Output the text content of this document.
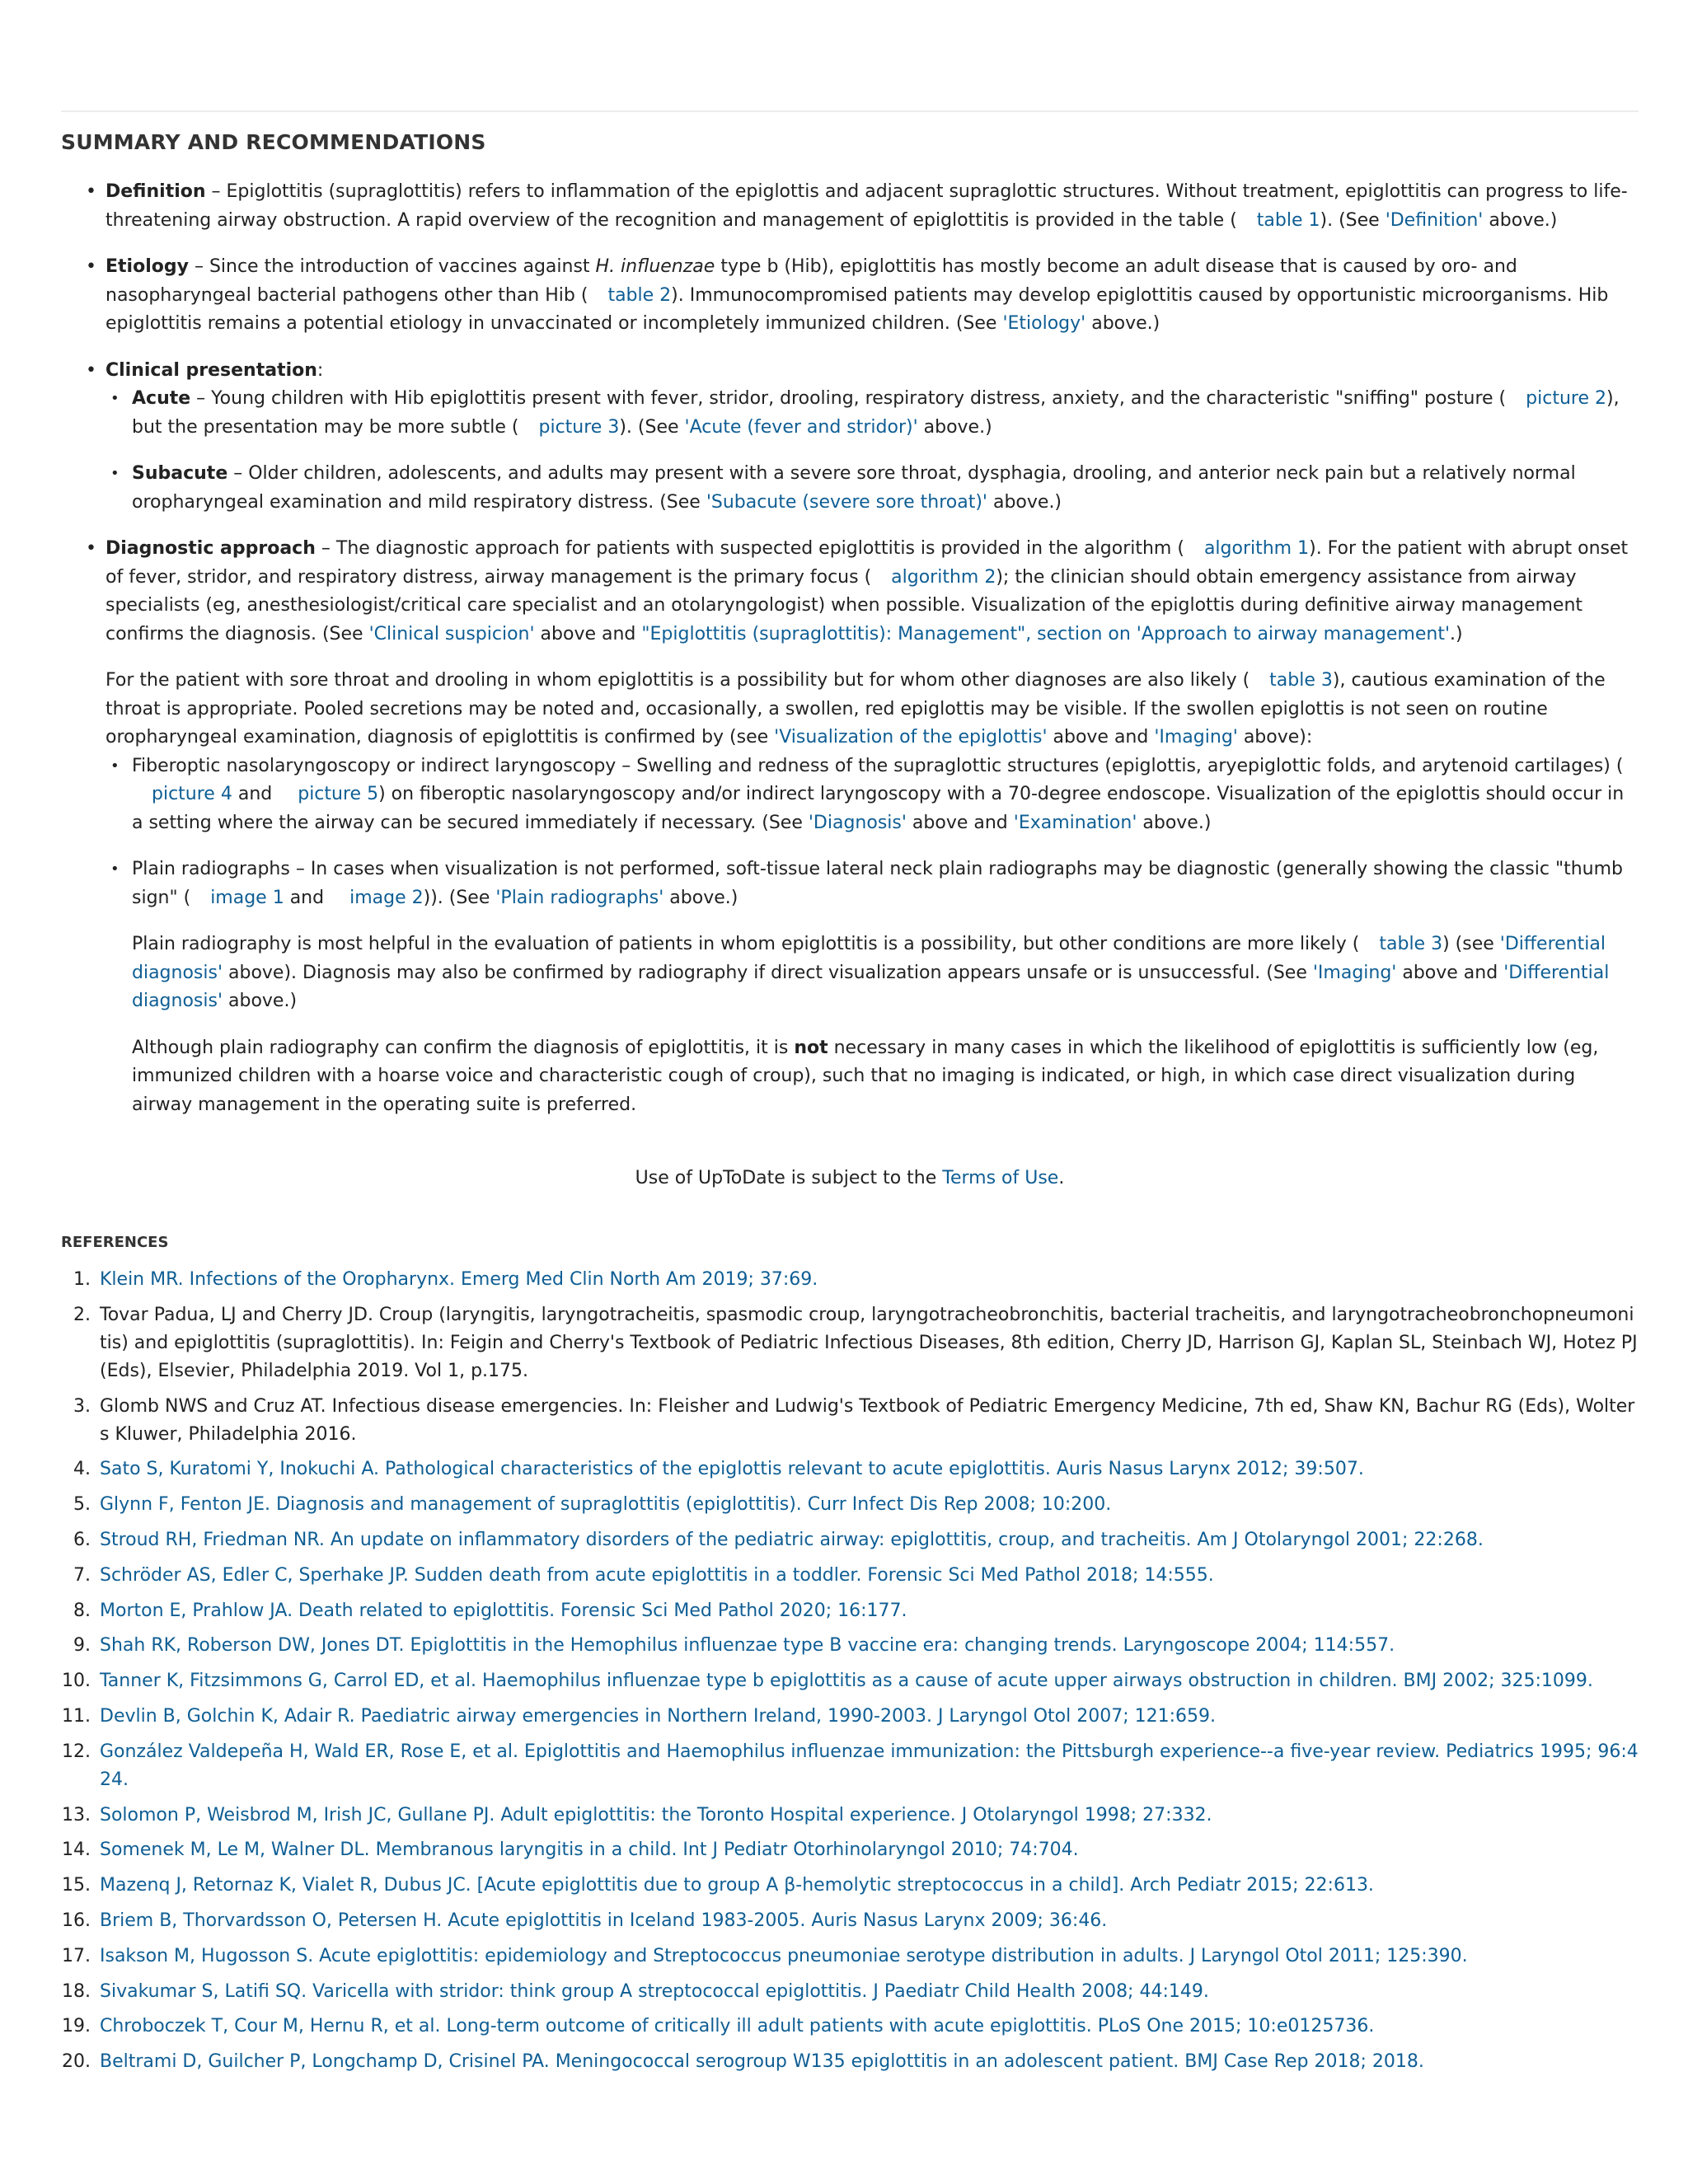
SUMMARY AND RECOMMENDATIONS
• Definition – Epiglottitis (supraglottitis) refers to inflammation of the epiglottis and adjacent supraglottic structures. Without treatment, epiglottitis can progress to life-threatening airway obstruction. A rapid overview of the recognition and management of epiglottitis is provided in the table ( table 1). (See 'Definition' above.)
• Etiology – Since the introduction of vaccines against H. influenzae type b (Hib), epiglottitis has mostly become an adult disease that is caused by oro- and nasopharyngeal bacterial pathogens other than Hib ( table 2). Immunocompromised patients may develop epiglottitis caused by opportunistic microorganisms. Hib epiglottitis remains a potential etiology in unvaccinated or incompletely immunized children. (See 'Etiology' above.)
• Clinical presentation:
• Acute – Young children with Hib epiglottitis present with fever, stridor, drooling, respiratory distress, anxiety, and the characteristic "sniffing" posture ( picture 2), but the presentation may be more subtle ( picture 3). (See 'Acute (fever and stridor)' above.)
• Subacute – Older children, adolescents, and adults may present with a severe sore throat, dysphagia, drooling, and anterior neck pain but a relatively normal oropharyngeal examination and mild respiratory distress. (See 'Subacute (severe sore throat)' above.)
• Diagnostic approach – The diagnostic approach for patients with suspected epiglottitis is provided in the algorithm ( algorithm 1). For the patient with abrupt onset of fever, stridor, and respiratory distress, airway management is the primary focus ( algorithm 2); the clinician should obtain emergency assistance from airway specialists (eg, anesthesiologist/critical care specialist and an otolaryngologist) when possible. Visualization of the epiglottis during definitive airway management confirms the diagnosis. (See 'Clinical suspicion' above and "Epiglottitis (supraglottitis): Management", section on 'Approach to airway management'.)

For the patient with sore throat and drooling in whom epiglottitis is a possibility but for whom other diagnoses are also likely ( table 3), cautious examination of the throat is appropriate. Pooled secretions may be noted and, occasionally, a swollen, red epiglottis may be visible. If the swollen epiglottis is not seen on routine oropharyngeal examination, diagnosis of epiglottitis is confirmed by (see 'Visualization of the epiglottis' above and 'Imaging' above):

• Fiberoptic nasolaryngoscopy or indirect laryngoscopy – Swelling and redness of the supraglottic structures (epiglottis, aryepiglottic folds, and arytenoid cartilages) (picture 4 and picture 5) on fiberoptic nasolaryngoscopy and/or indirect laryngoscopy with a 70-degree endoscope. Visualization of the epiglottis should occur in a setting where the airway can be secured immediately if necessary. (See 'Diagnosis' above and 'Examination' above.)
• Plain radiographs – In cases when visualization is not performed, soft-tissue lateral neck plain radiographs may be diagnostic (generally showing the classic "thumb sign" ( image 1 and image 2)). (See 'Plain radiographs' above.)

Plain radiography is most helpful in the evaluation of patients in whom epiglottitis is a possibility, but other conditions are more likely ( table 3) (see 'Differential diagnosis' above). Diagnosis may also be confirmed by radiography if direct visualization appears unsafe or is unsuccessful. (See 'Imaging' above and 'Differential diagnosis' above.)

Although plain radiography can confirm the diagnosis of epiglottitis, it is not necessary in many cases in which the likelihood of epiglottitis is sufficiently low (eg, immunized children with a hoarse voice and characteristic cough of croup), such that no imaging is indicated, or high, in which case direct visualization during airway management in the operating suite is preferred.

Use of UpToDate is subject to the Terms of Use.
REFERENCES
1. Klein MR. Infections of the Oropharynx. Emerg Med Clin North Am 2019; 37:69.
2. Tovar Padua, LJ and Cherry JD. Croup (laryngitis, laryngotracheitis, spasmodic croup, laryngotracheobronchitis, bacterial tracheitis, and laryngotracheobronchopneumonitis) and epiglottitis (supraglottitis). In: Feigin and Cherry's Textbook of Pediatric Infectious Diseases, 8th edition, Cherry JD, Harrison GJ, Kaplan SL, Steinbach WJ, Hotez PJ (Eds), Elsevier, Philadelphia 2019. Vol 1, p.175.
3. Glomb NWS and Cruz AT. Infectious disease emergencies. In: Fleisher and Ludwig's Textbook of Pediatric Emergency Medicine, 7th ed, Shaw KN, Bachur RG (Eds), Wolters Kluwer, Philadelphia 2016.
4. Sato S, Kuratomi Y, Inokuchi A. Pathological characteristics of the epiglottis relevant to acute epiglottitis. Auris Nasus Larynx 2012; 39:507.
5. Glynn F, Fenton JE. Diagnosis and management of supraglottitis (epiglottitis). Curr Infect Dis Rep 2008; 10:200.
6. Stroud RH, Friedman NR. An update on inflammatory disorders of the pediatric airway: epiglottitis, croup, and tracheitis. Am J Otolaryngol 2001; 22:268.
7. Schröder AS, Edler C, Sperhake JP. Sudden death from acute epiglottitis in a toddler. Forensic Sci Med Pathol 2018; 14:555.
8. Morton E, Prahlow JA. Death related to epiglottitis. Forensic Sci Med Pathol 2020; 16:177.
9. Shah RK, Roberson DW, Jones DT. Epiglottitis in the Hemophilus influenzae type B vaccine era: changing trends. Laryngoscope 2004; 114:557.
10. Tanner K, Fitzsimmons G, Carrol ED, et al. Haemophilus influenzae type b epiglottitis as a cause of acute upper airways obstruction in children. BMJ 2002; 325:1099.
11. Devlin B, Golchin K, Adair R. Paediatric airway emergencies in Northern Ireland, 1990-2003. J Laryngol Otol 2007; 121:659.
12. González Valdepeña H, Wald ER, Rose E, et al. Epiglottitis and Haemophilus influenzae immunization: the Pittsburgh experience--a five-year review. Pediatrics 1995; 96:424.
13. Solomon P, Weisbrod M, Irish JC, Gullane PJ. Adult epiglottitis: the Toronto Hospital experience. J Otolaryngol 1998; 27:332.
14. Somenek M, Le M, Walner DL. Membranous laryngitis in a child. Int J Pediatr Otorhinolaryngol 2010; 74:704.
15. Mazenq J, Retornaz K, Vialet R, Dubus JC. [Acute epiglottitis due to group A β-hemolytic streptococcus in a child]. Arch Pediatr 2015; 22:613.
16. Briem B, Thorvardsson O, Petersen H. Acute epiglottitis in Iceland 1983-2005. Auris Nasus Larynx 2009; 36:46.
17. Isakson M, Hugosson S. Acute epiglottitis: epidemiology and Streptococcus pneumoniae serotype distribution in adults. J Laryngol Otol 2011; 125:390.
18. Sivakumar S, Latifi SQ. Varicella with stridor: think group A streptococcal epiglottitis. J Paediatr Child Health 2008; 44:149.
19. Chroboczek T, Cour M, Hernu R, et al. Long-term outcome of critically ill adult patients with acute epiglottitis. PLoS One 2015; 10:e0125736.
20. Beltrami D, Guilcher P, Longchamp D, Crisinel PA. Meningococcal serogroup W135 epiglottitis in an adolescent patient. BMJ Case Rep 2018; 2018.
